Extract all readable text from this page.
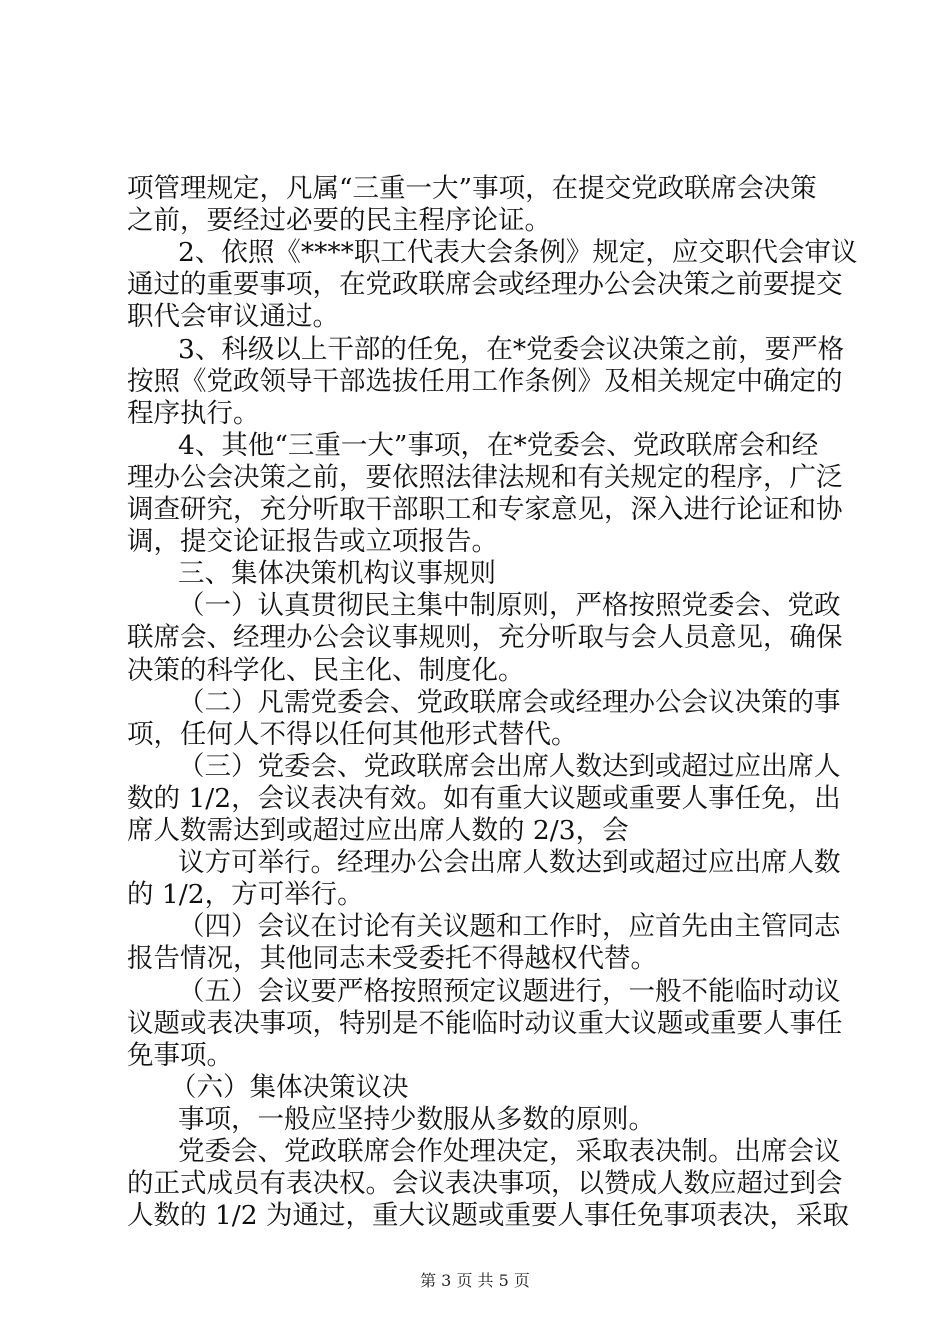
项管理规定，凡属“三重一大”事项，在提交党政联席会决策
之前，要经过必要的民主程序论证。
2、依照《****职工代表大会条例》规定，应交职代会审议
通过的重要事项，在党政联席会或经理办公会决策之前要提交
职代会审议通过。
3、科级以上干部的任免，在*党委会议决策之前，要严格
按照《党政领导干部选拔任用工作条例》及相关规定中确定的
程序执行。
4、其他“三重一大”事项，在*党委会、党政联席会和经
理办公会决策之前，要依照法律法规和有关规定的程序，广泛
调查研究，充分听取干部职工和专家意见，深入进行论证和协
调，提交论证报告或立项报告。
三、集体决策机构议事规则
（一）认真贯彻民主集中制原则，严格按照党委会、党政
联席会、经理办公会议事规则，充分听取与会人员意见，确保
决策的科学化、民主化、制度化。
（二）凡需党委会、党政联席会或经理办公会议决策的事
项，任何人不得以任何其他形式替代。
（三）党委会、党政联席会出席人数达到或超过应出席人
数的 1/2，会议表决有效。如有重大议题或重要人事任免，出
席人数需达到或超过应出席人数的 2/3，会
议方可举行。经理办公会出席人数达到或超过应出席人数
的 1/2，方可举行。
（四）会议在讨论有关议题和工作时，应首先由主管同志
报告情况，其他同志未受委托不得越权代替。
（五）会议要严格按照预定议题进行，一般不能临时动议
议题或表决事项，特别是不能临时动议重大议题或重要人事任
免事项。
（六）集体决策议决
事项，一般应坚持少数服从多数的原则。
党委会、党政联席会作处理决定，采取表决制。出席会议
的正式成员有表决权。会议表决事项，以赞成人数应超过到会
人数的 1/2 为通过，重大议题或重要人事任免事项表决，采取
第 3 页 共 5 页
